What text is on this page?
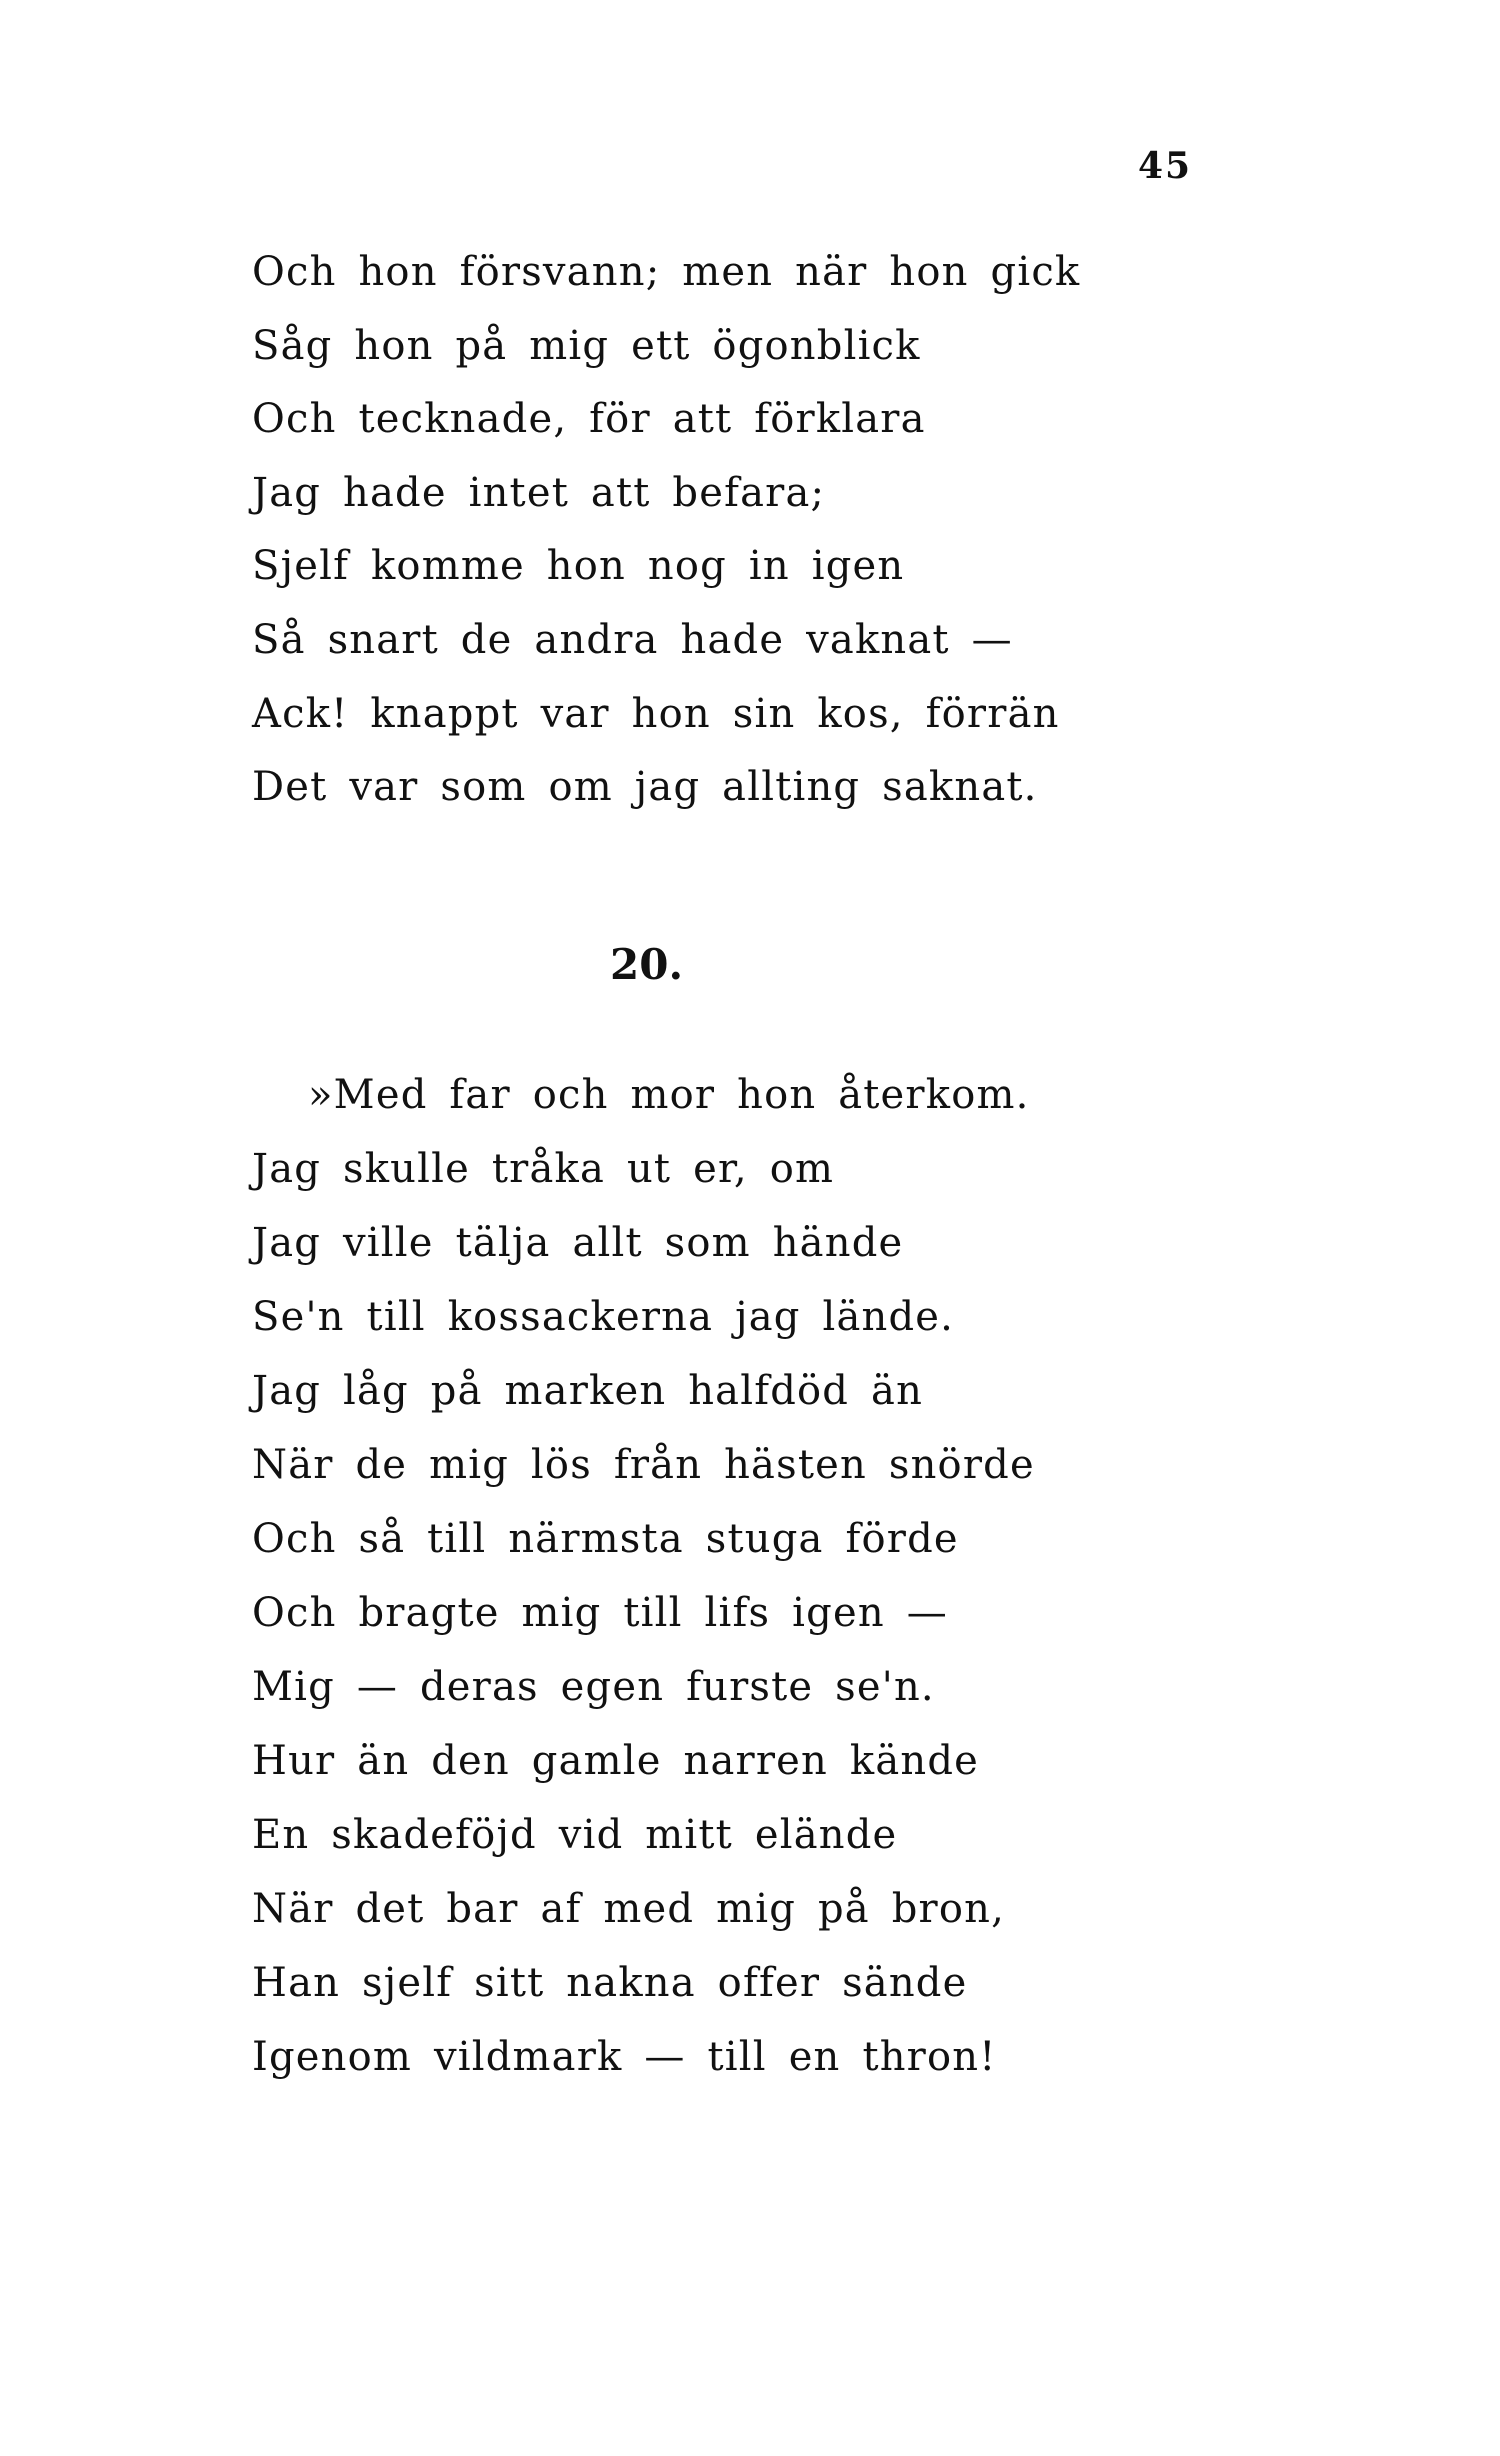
45
Och hon försvann; men när hon gick
Såg hon på mig ett ögonblick
Och tecknade, för att förklara
Jag hade intet att befara;
Sjelf komme hon nog in igen
Så snart de andra hade vaknat —
Ack! knappt var hon sin kos, förrän
Det var som om jag allting saknat.
20.
»Med far och mor hon återkom.
Jag skulle tråka ut er, om
Jag ville tälja allt som hände
Se'n till kossackerna jag lände.
Jag låg på marken halfdöd än
När de mig lös från hästen snörde
Och så till närmsta stuga förde
Och bragte mig till lifs igen —
Mig — deras egen furste se'n.
Hur än den gamle narren kände
En skadeföjd vid mitt elände
När det bar af med mig på bron,
Han sjelf sitt nakna offer sände
Igenom vildmark — till en thron!
